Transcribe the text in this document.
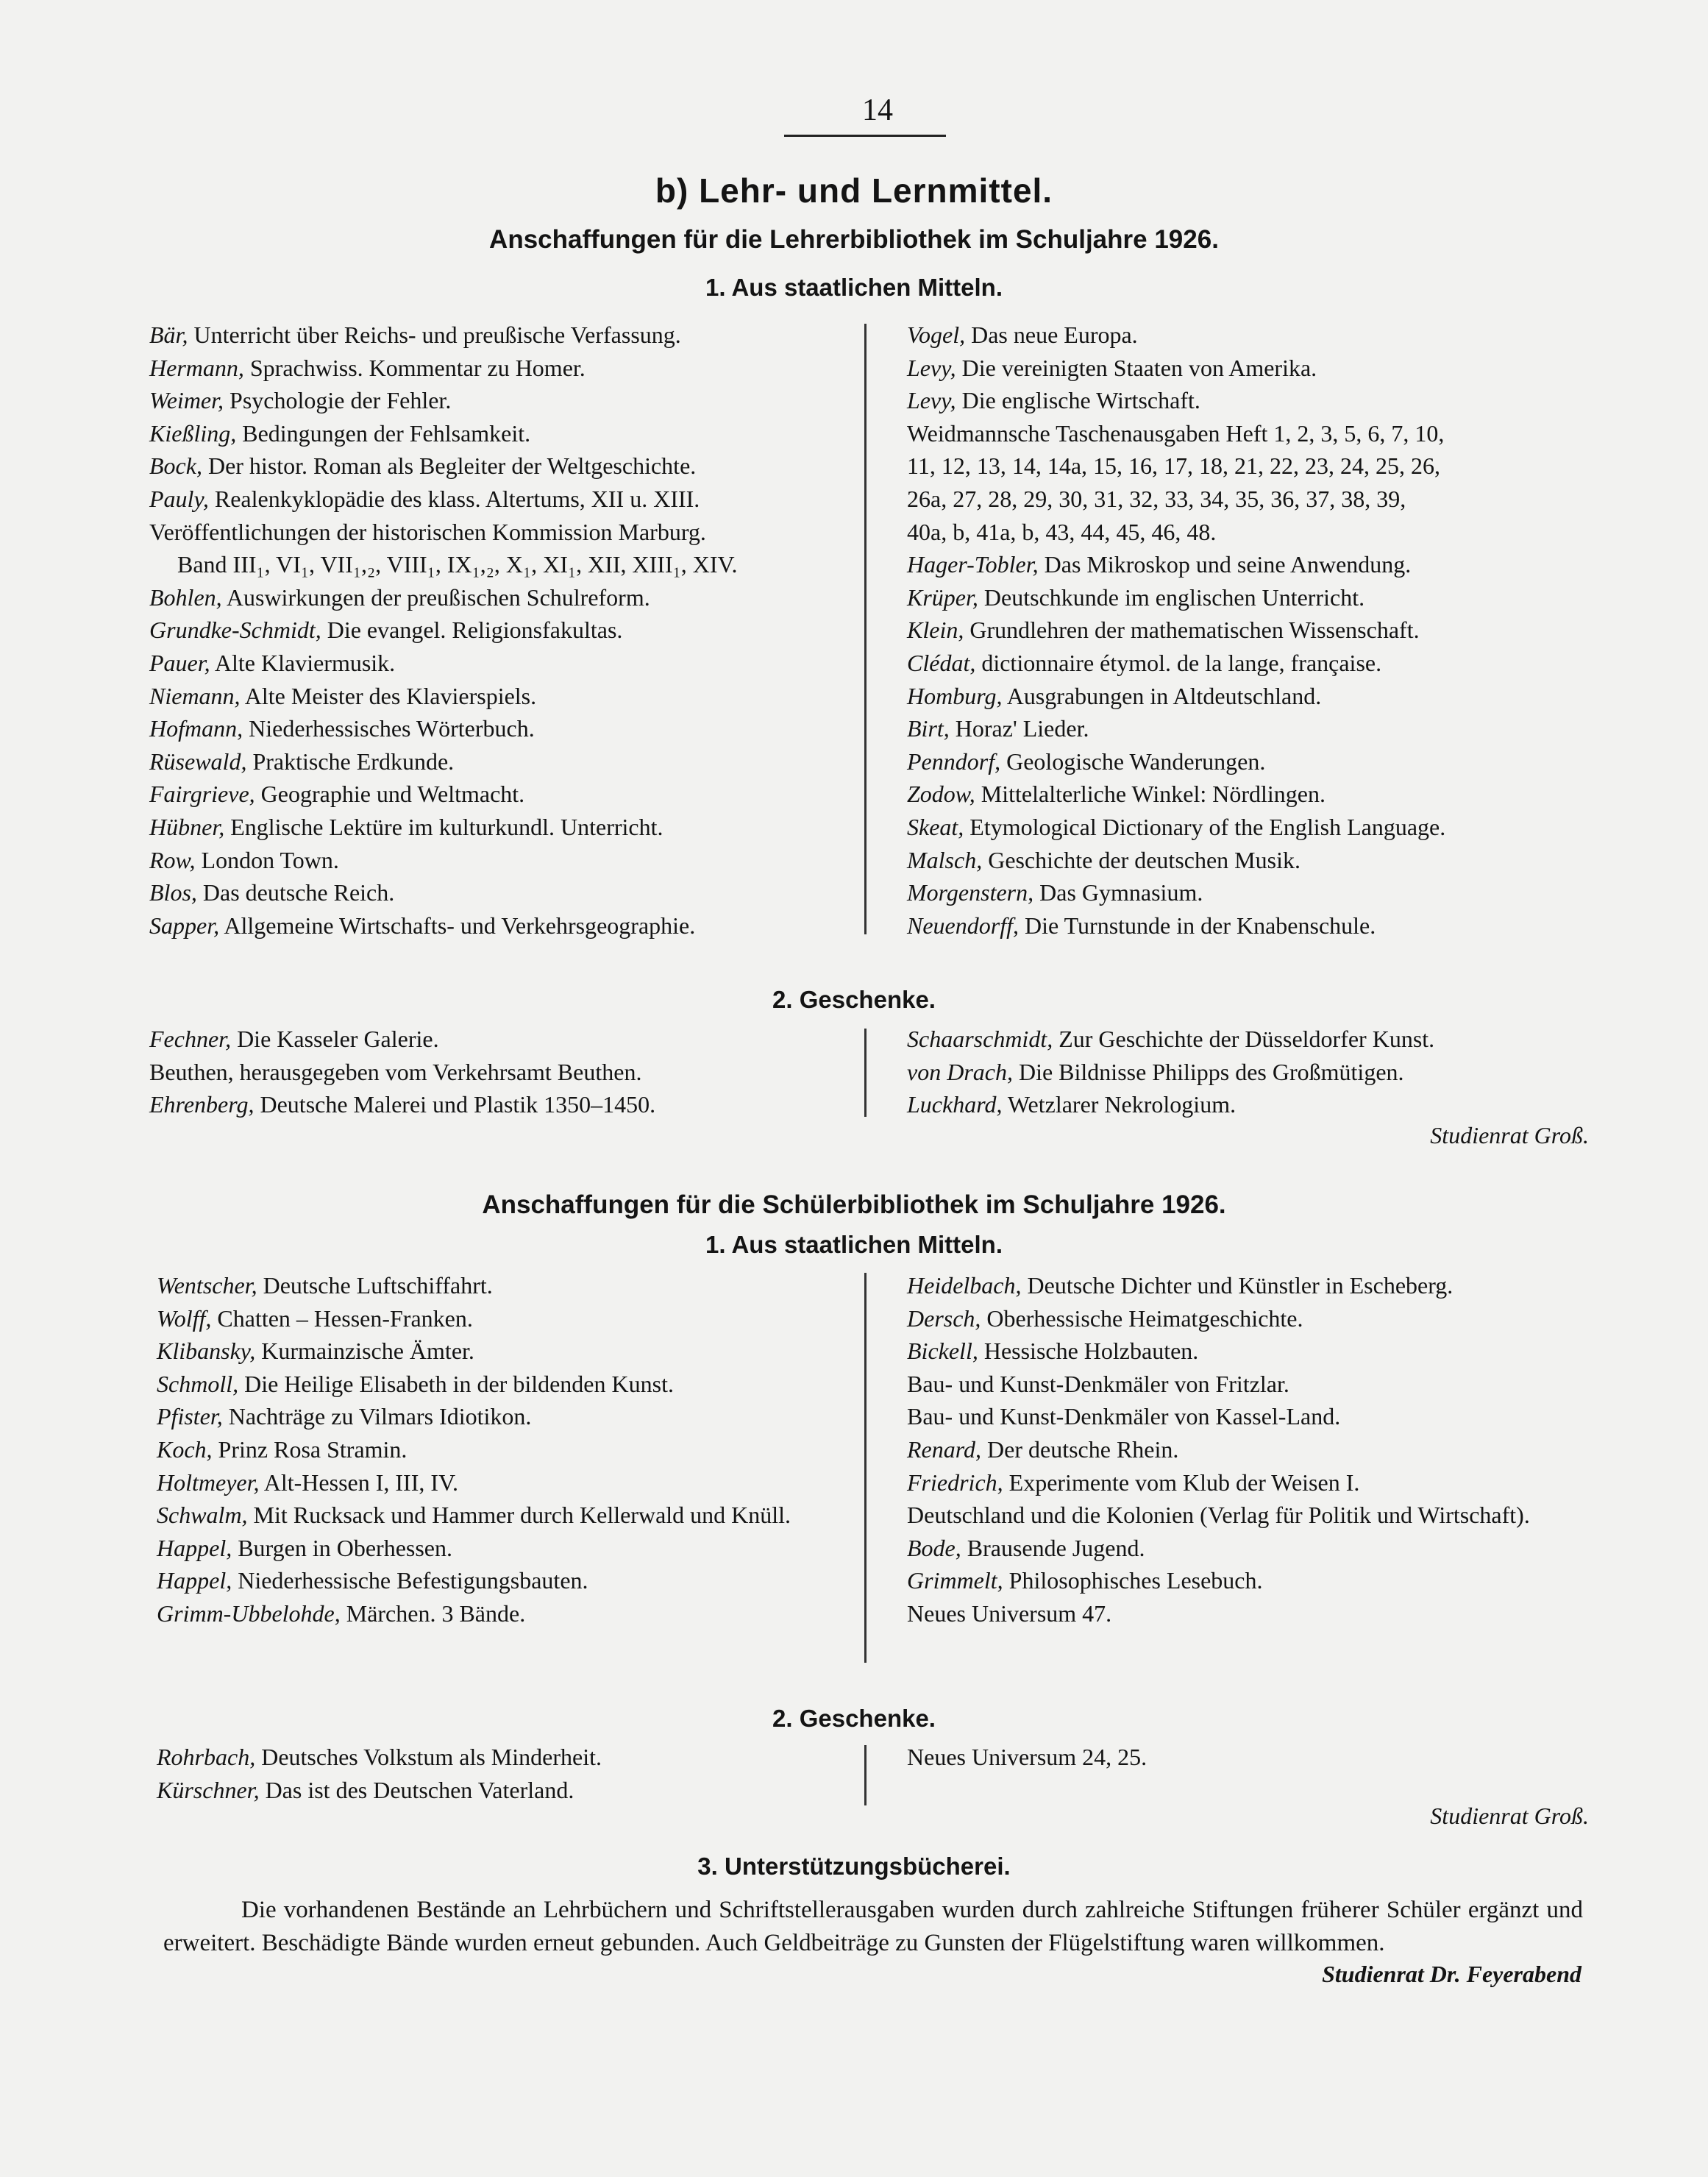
14
b) Lehr- und Lernmittel.
Anschaffungen für die Lehrerbibliothek im Schuljahre 1926.
1. Aus staatlichen Mitteln.
Bär, Unterricht über Reichs- und preußische Verfassung.
Hermann, Sprachwiss. Kommentar zu Homer.
Weimer, Psychologie der Fehler.
Kießling, Bedingungen der Fehlsamkeit.
Bock, Der histor. Roman als Begleiter der Weltgeschichte.
Pauly, Realenkyklopädie des klass. Altertums, XII u. XIII.
Veröffentlichungen der historischen Kommission Marburg.
Band III₁, VI₁, VII₁,₂, VIII₁, IX₁,₂, X₁, XI₁, XII, XIII₁, XIV.
Bohlen, Auswirkungen der preußischen Schulreform.
Grundke-Schmidt, Die evangel. Religionsfakultas.
Pauer, Alte Klaviermusik.
Niemann, Alte Meister des Klavierspiels.
Hofmann, Niederhessisches Wörterbuch.
Rüsewald, Praktische Erdkunde.
Fairgrieve, Geographie und Weltmacht.
Hübner, Englische Lektüre im kulturkundl. Unterricht.
Row, London Town.
Blos, Das deutsche Reich.
Sapper, Allgemeine Wirtschafts- und Verkehrsgeographie.
Vogel, Das neue Europa.
Levy, Die vereinigten Staaten von Amerika.
Levy, Die englische Wirtschaft.
Weidmannsche Taschenausgaben Heft 1, 2, 3, 5, 6, 7, 10,
11, 12, 13, 14, 14a, 15, 16, 17, 18, 21, 22, 23, 24, 25, 26,
26a, 27, 28, 29, 30, 31, 32, 33, 34, 35, 36, 37, 38, 39,
40a, b, 41a, b, 43, 44, 45, 46, 48.
Hager-Tobler, Das Mikroskop und seine Anwendung.
Krüper, Deutschkunde im englischen Unterricht.
Klein, Grundlehren der mathematischen Wissenschaft.
Clédat, dictionnaire étymol. de la lange, française.
Homburg, Ausgrabungen in Altdeutschland.
Birt, Horaz' Lieder.
Penndorf, Geologische Wanderungen.
Zodow, Mittelalterliche Winkel: Nördlingen.
Skeat, Etymological Dictionary of the English Language.
Malsch, Geschichte der deutschen Musik.
Morgenstern, Das Gymnasium.
Neuendorff, Die Turnstunde in der Knabenschule.
2. Geschenke.
Fechner, Die Kasseler Galerie.
Beuthen, herausgegeben vom Verkehrsamt Beuthen.
Ehrenberg, Deutsche Malerei und Plastik 1350–1450.
Schaarschmidt, Zur Geschichte der Düsseldorfer Kunst.
von Drach, Die Bildnisse Philipps des Großmütigen.
Luckhard, Wetzlarer Nekrologium.
Studienrat Groß.
Anschaffungen für die Schülerbibliothek im Schuljahre 1926.
1. Aus staatlichen Mitteln.
Wentscher, Deutsche Luftschiffahrt.
Wolff, Chatten – Hessen-Franken.
Klibansky, Kurmainzische Ämter.
Schmoll, Die Heilige Elisabeth in der bildenden Kunst.
Pfister, Nachträge zu Vilmars Idiotikon.
Koch, Prinz Rosa Stramin.
Holtmeyer, Alt-Hessen I, III, IV.
Schwalm, Mit Rucksack und Hammer durch Kellerwald und Knüll.
Happel, Burgen in Oberhessen.
Happel, Niederhessische Befestigungsbauten.
Grimm-Ubbelohde, Märchen. 3 Bände.
Heidelbach, Deutsche Dichter und Künstler in Escheberg.
Dersch, Oberhessische Heimatgeschichte.
Bickell, Hessische Holzbauten.
Bau- und Kunst-Denkmäler von Fritzlar.
Bau- und Kunst-Denkmäler von Kassel-Land.
Renard, Der deutsche Rhein.
Friedrich, Experimente vom Klub der Weisen I.
Deutschland und die Kolonien (Verlag für Politik und Wirtschaft).
Bode, Brausende Jugend.
Grimmelt, Philosophisches Lesebuch.
Neues Universum 47.
2. Geschenke.
Rohrbach, Deutsches Volkstum als Minderheit.
Kürschner, Das ist des Deutschen Vaterland.
Neues Universum 24, 25.
Studienrat Groß.
3. Unterstützungsbücherei.
Die vorhandenen Bestände an Lehrbüchern und Schriftstellerausgaben wurden durch zahlreiche Stiftungen früherer Schüler ergänzt und erweitert. Beschädigte Bände wurden erneut gebunden. Auch Geldbeiträge zu Gunsten der Flügelstiftung waren willkommen.
Studienrat Dr. Feyerabend
